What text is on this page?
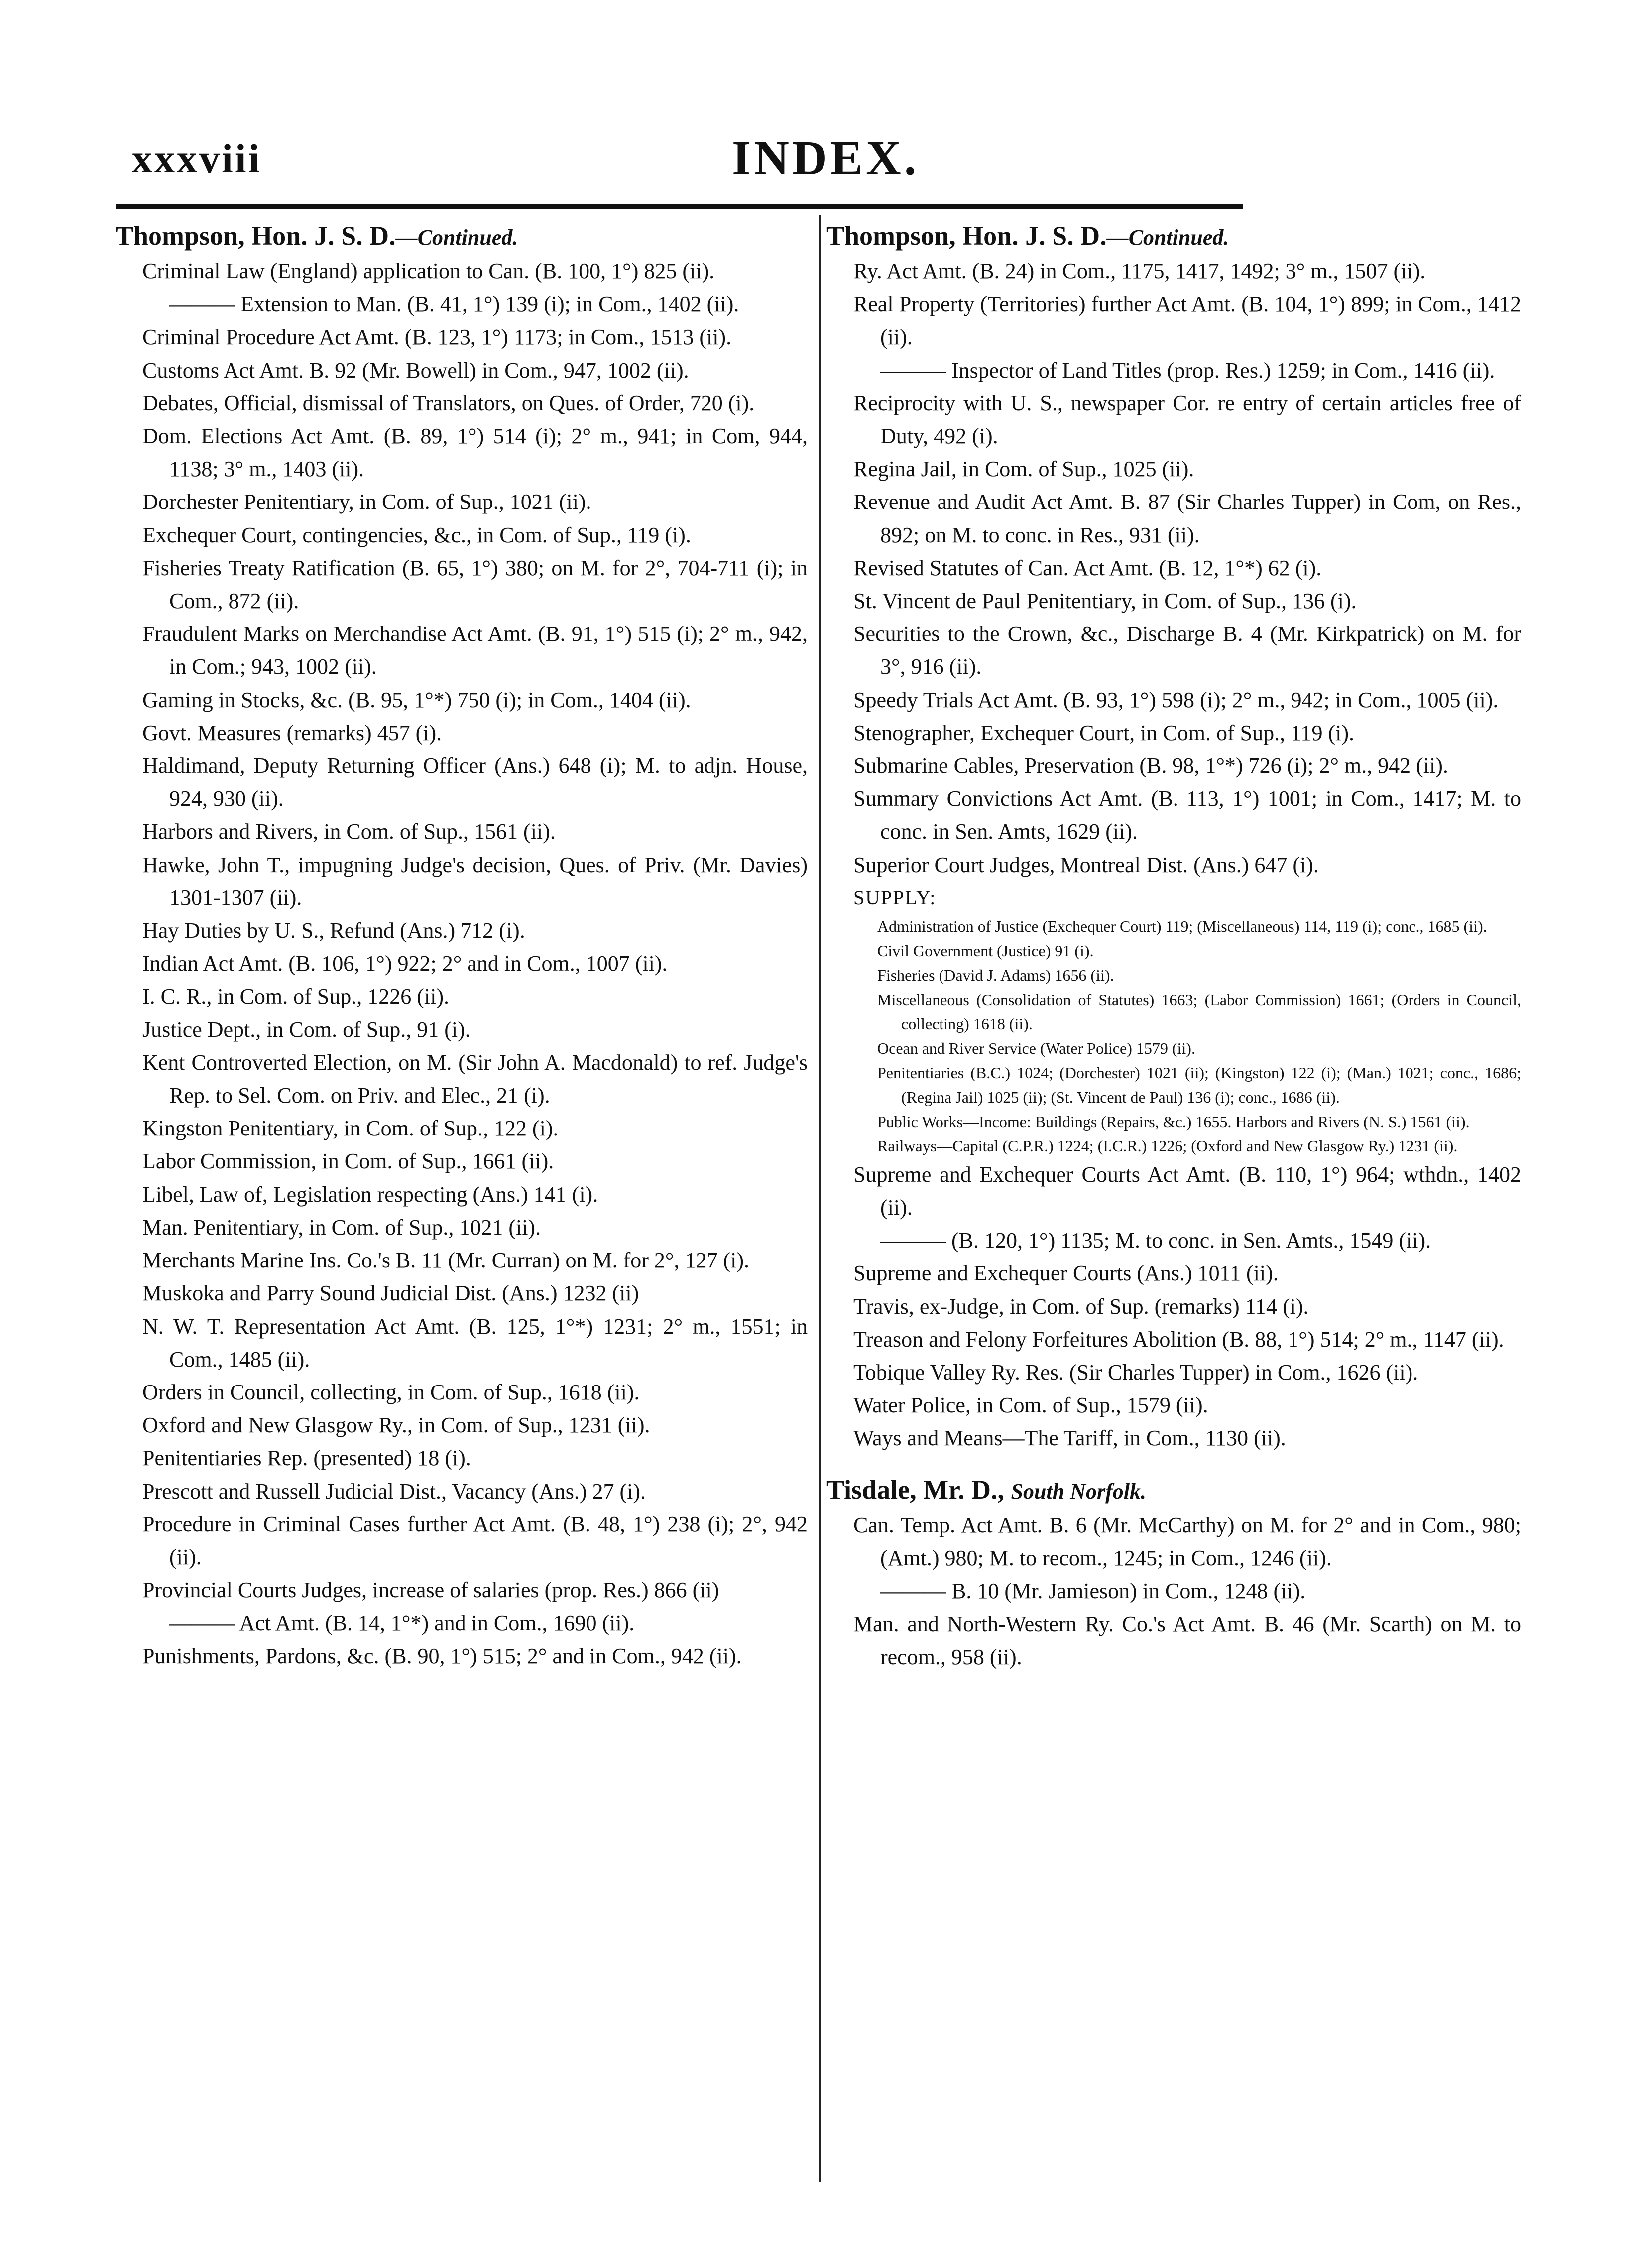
xxxviii	INDEX.
Thompson, Hon. J. S. D.—Continued.

Criminal Law (England) application to Can. (B. 100, 1°) 825 (ii).

——— Extension to Man. (B. 41, 1°) 139 (i); in Com., 1402 (ii).

Criminal Procedure Act Amt. (B. 123, 1°) 1173; in Com., 1513 (ii).

Customs Act Amt. B. 92 (Mr. Bowell) in Com., 947, 1002 (ii).

Debates, Official, dismissal of Translators, on Ques. of Order, 720 (i).

Dom. Elections Act Amt. (B. 89, 1°) 514 (i); 2° m., 941; in Com, 944, 1138; 3° m., 1403 (ii).

Dorchester Penitentiary, in Com. of Sup., 1021 (ii).

Exchequer Court, contingencies, &c., in Com. of Sup., 119 (i).

Fisheries Treaty Ratification (B. 65, 1°) 380; on M. for 2°, 704-711 (i); in Com., 872 (ii).

Fraudulent Marks on Merchandise Act Amt. (B. 91, 1°) 515 (i); 2° m., 942, in Com.; 943, 1002 (ii).

Gaming in Stocks, &c. (B. 95, 1°*) 750 (i); in Com., 1404 (ii).

Govt. Measures (remarks) 457 (i).

Haldimand, Deputy Returning Officer (Ans.) 648 (i); M. to adjn. House, 924, 930 (ii).

Harbors and Rivers, in Com. of Sup., 1561 (ii).

Hawke, John T., impugning Judge's decision, Ques. of Priv. (Mr. Davies) 1301-1307 (ii).

Hay Duties by U. S., Refund (Ans.) 712 (i).

Indian Act Amt. (B. 106, 1°) 922; 2° and in Com., 1007 (ii).

I. C. R., in Com. of Sup., 1226 (ii).

Justice Dept., in Com. of Sup., 91 (i).

Kent Controverted Election, on M. (Sir John A. Macdonald) to ref. Judge's Rep. to Sel. Com. on Priv. and Elec., 21 (i).

Kingston Penitentiary, in Com. of Sup., 122 (i).

Labor Commission, in Com. of Sup., 1661 (ii).

Libel, Law of, Legislation respecting (Ans.) 141 (i).

Man. Penitentiary, in Com. of Sup., 1021 (ii).

Merchants Marine Ins. Co.'s B. 11 (Mr. Curran) on M. for 2°, 127 (i).

Muskoka and Parry Sound Judicial Dist. (Ans.) 1232 (ii)

N. W. T. Representation Act Amt. (B. 125, 1°*) 1231; 2° m., 1551; in Com., 1485 (ii).

Orders in Council, collecting, in Com. of Sup., 1618 (ii).

Oxford and New Glasgow Ry., in Com. of Sup., 1231 (ii).

Penitentiaries Rep. (presented) 18 (i).

Prescott and Russell Judicial Dist., Vacancy (Ans.) 27 (i).

Procedure in Criminal Cases further Act Amt. (B. 48, 1°) 238 (i); 2°, 942 (ii).

Provincial Courts Judges, increase of salaries (prop. Res.) 866 (ii)

——— Act Amt. (B. 14, 1°*) and in Com., 1690 (ii).

Punishments, Pardons, &c. (B. 90, 1°) 515; 2° and in Com., 942 (ii).

Thompson, Hon. J. S. D.—Continued.

Ry. Act Amt. (B. 24) in Com., 1175, 1417, 1492; 3° m., 1507 (ii).

Real Property (Territories) further Act Amt. (B. 104, 1°) 899; in Com., 1412 (ii).

——— Inspector of Land Titles (prop. Res.) 1259; in Com., 1416 (ii).

Reciprocity with U. S., newspaper Cor. re entry of certain articles free of Duty, 492 (i).

Regina Jail, in Com. of Sup., 1025 (ii).

Revenue and Audit Act Amt. B. 87 (Sir Charles Tupper) in Com, on Res., 892; on M. to conc. in Res., 931 (ii).

Revised Statutes of Can. Act Amt. (B. 12, 1°*) 62 (i).

St. Vincent de Paul Penitentiary, in Com. of Sup., 136 (i).

Securities to the Crown, &c., Discharge B. 4 (Mr. Kirkpatrick) on M. for 3°, 916 (ii).

Speedy Trials Act Amt. (B. 93, 1°) 598 (i); 2° m., 942; in Com., 1005 (ii).

Stenographer, Exchequer Court, in Com. of Sup., 119 (i).

Submarine Cables, Preservation (B. 98, 1°*) 726 (i); 2° m., 942 (ii).

Summary Convictions Act Amt. (B. 113, 1°) 1001; in Com., 1417; M. to conc. in Sen. Amts, 1629 (ii).

Superior Court Judges, Montreal Dist. (Ans.) 647 (i).

SUPPLY:

Administration of Justice (Exchequer Court) 119; (Miscellaneous) 114, 119 (i); conc., 1685 (ii).

Civil Government (Justice) 91 (i).

Fisheries (David J. Adams) 1656 (ii).

Miscellaneous (Consolidation of Statutes) 1663; (Labor Commission) 1661; (Orders in Council, collecting) 1618 (ii).

Ocean and River Service (Water Police) 1579 (ii).

Penitentiaries (B.C.) 1024; (Dorchester) 1021 (ii); (Kingston) 122 (i); (Man.) 1021; conc., 1686; (Regina Jail) 1025 (ii); (St. Vincent de Paul) 136 (i); conc., 1686 (ii).

Public Works—Income: Buildings (Repairs, &c.) 1655. Harbors and Rivers (N. S.) 1561 (ii).

Railways—Capital (C.P.R.) 1224; (I.C.R.) 1226; (Oxford and New Glasgow Ry.) 1231 (ii).

Supreme and Exchequer Courts Act Amt. (B. 110, 1°) 964; wthdn., 1402 (ii).

——— (B. 120, 1°) 1135; M. to conc. in Sen. Amts., 1549 (ii).

Supreme and Exchequer Courts (Ans.) 1011 (ii).

Travis, ex-Judge, in Com. of Sup. (remarks) 114 (i).

Treason and Felony Forfeitures Abolition (B. 88, 1°) 514; 2° m., 1147 (ii).

Tobique Valley Ry. Res. (Sir Charles Tupper) in Com., 1626 (ii).

Water Police, in Com. of Sup., 1579 (ii).

Ways and Means—The Tariff, in Com., 1130 (ii).

Tisdale, Mr. D., South Norfolk.

Can. Temp. Act Amt. B. 6 (Mr. McCarthy) on M. for 2° and in Com., 980; (Amt.) 980; M. to recom., 1245; in Com., 1246 (ii).

——— B. 10 (Mr. Jamieson) in Com., 1248 (ii).

Man. and North-Western Ry. Co.'s Act Amt. B. 46 (Mr. Scarth) on M. to recom., 958 (ii).
